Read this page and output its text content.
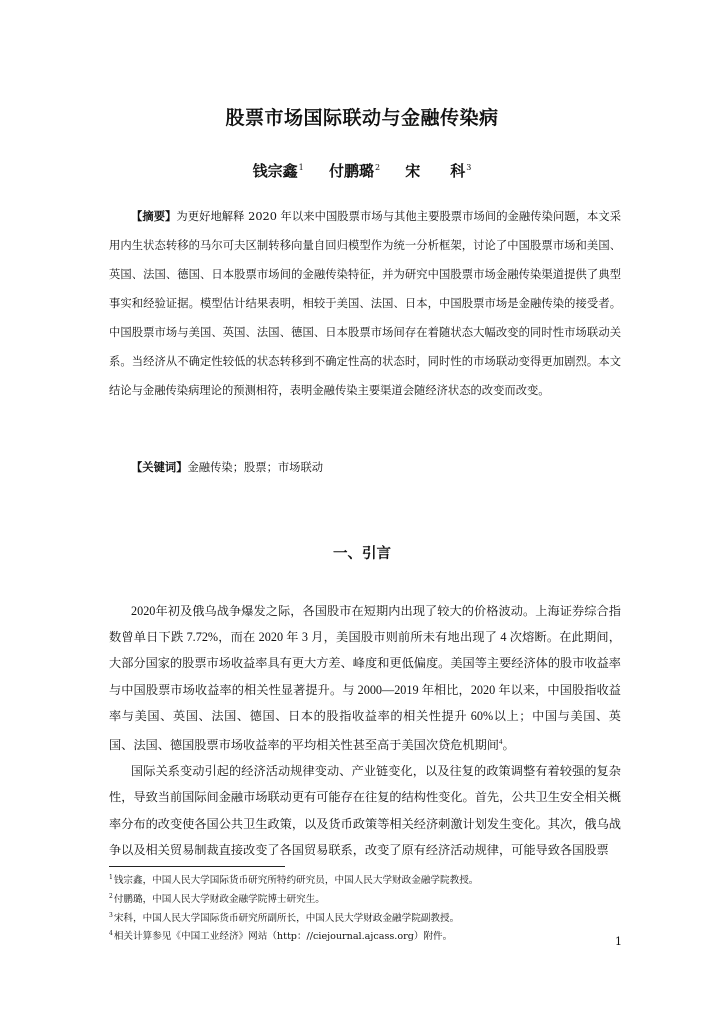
股票市场国际联动与金融传染病
钱宗鑫$^1$ 付鹏璐$^2$ 宋　　科$^3$

【摘要】为更好地解释 2020 年以来中国股票市场与其他主要股票市场间的金融传染问题，本文采用内生状态转移的马尔可夫区制转移向量自回归模型作为统一分析框架，讨论了中国股票市场和美国、英国、法国、德国、日本股票市场间的金融传染特征，并为研究中国股票市场金融传染渠道提供了典型事实和经验证据。模型估计结果表明，相较于美国、法国、日本，中国股票市场是金融传染的接受者。中国股票市场与美国、英国、法国、德国、日本股票市场间存在着随状态大幅改变的同时性市场联动关系。当经济从不确定性较低的状态转移到不确定性高的状态时，同时性的市场联动变得更加剧烈。本文结论与金融传染病理论的预测相符，表明金融传染主要渠道会随经济状态的改变而改变。

【关键词】金融传染；股票；市场联动

一、引言

2020年初及俄乌战争爆发之际，各国股市在短期内出现了较大的价格波动。上海证券综合指数曾单日下跌 7.72%，而在 2020 年 3 月，美国股市则前所未有地出现了 4 次熔断。在此期间，大部分国家的股票市场收益率具有更大方差、峰度和更低偏度。美国等主要经济体的股市收益率与中国股票市场收益率的相关性显著提升。与 2000—2019 年相比，2020 年以来，中国股指收益率与美国、英国、法国、德国、日本的股指收益率的相关性提升 60%以上；中国与美国、英国、法国、德国股票市场收益率的平均相关性甚至高于美国次贷危机期间$^4$。

国际关系变动引起的经济活动规律变动、产业链变化，以及往复的政策调整有着较强的复杂性，导致当前国际间金融市场联动更有可能存在往复的结构性变化。首先，公共卫生安全相关概率分布的改变使各国公共卫生政策，以及货币政策等相关经济刺激计划发生变化。其次，俄乌战争以及相关贸易制裁直接改变了各国贸易联系，改变了原有经济活动规律，可能导致各国股票

$^1$钱宗鑫，中国人民大学国际货币研究所特约研究员，中国人民大学财政金融学院教授。
$^2$付鹏璐，中国人民大学财政金融学院博士研究生。
$^3$宋科，中国人民大学国际货币研究所副所长，中国人民大学财政金融学院副教授。
$^4$相关计算参见《中国工业经济》网站（http：//ciejournal.ajcass.org）附件。	1
